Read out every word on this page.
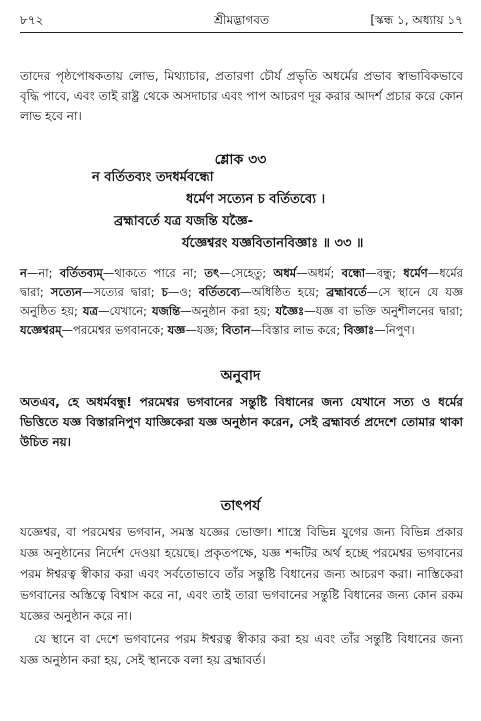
৮৭২	শ্রীমদ্ভাগবত	[স্কন্ধ ১, অধ্যায় ১৭
তাদের পৃষ্ঠপোষকতায় লোভ, মিথ্যাচার, প্রতারণা চৌর্য প্রভৃতি অধর্মের প্রভাব স্বাভাবিকভাবে বৃদ্ধি পাবে, এবং তাই রাষ্ট্র থেকে অসদাচার এবং পাপ আচরণ দূর করার আদর্শ প্রচার করে কোন লাভ হবে না।
শ্লোক ৩৩
ন বর্তিতব্যং তদধর্মবন্ধো
ধর্মেণ সত্যেন চ বর্তিতব্যে ।
ব্রহ্মাবর্তে যত্র যজন্তি যজ্ঞৈ-
র্যজ্ঞেশ্বরং যজ্ঞবিতানবিজ্ঞাঃ ॥ ৩৩ ॥
ন—না; বর্তিতব্যম্—থাকতে পারে না; তৎ—সেহেতু; অধর্ম—অধর্ম; বন্ধো—বন্ধু; ধর্মেণ—ধর্মের দ্বারা; সত্যেন—সত্যের দ্বারা; চ—ও; বর্তিতব্যে—অধিষ্ঠিত হয়ে; ব্রহ্মাবর্তে—সে স্থানে যে যজ্ঞ অনুষ্ঠিত হয়; যত্র—যেখানে; যজন্তি—অনুষ্ঠান করা হয়; যজ্ঞৈঃ—যজ্ঞ বা ভক্তি অনুশীলনের দ্বারা; যজ্ঞেশ্বরম্—পরমেশ্বর ভগবানকে; যজ্ঞ—যজ্ঞ; বিতান—বিস্তার লাভ করে; বিজ্ঞাঃ—নিপুণ।
অনুবাদ
অতএব, হে অধর্মবন্ধু! পরমেশ্বর ভগবানের সন্তুষ্টি বিধানের জন্য যেখানে সত্য ও ধর্মের ভিত্তিতে যজ্ঞ বিস্তারনিপুণ যাজ্ঞিকেরা যজ্ঞ অনুষ্ঠান করেন, সেই ব্রহ্মাবর্ত প্রদেশে তোমার থাকা উচিত নয়।
তাৎপর্য
যজ্ঞেশ্বর, বা পরমেশ্বর ভগবান, সমস্ত যজ্ঞের ভোক্তা। শাস্ত্রে বিভিন্ন যুগের জন্য বিভিন্ন প্রকার যজ্ঞ অনুষ্ঠানের নির্দেশ দেওয়া হয়েছে। প্রকৃতপক্ষে, যজ্ঞ শব্দটির অর্থ হচ্ছে পরমেশ্বর ভগবানের পরম ঈশ্বরত্ব স্বীকার করা এবং সর্বতোভাবে তাঁর সন্তুষ্টি বিধানের জন্য আচরণ করা। নাস্তিকেরা ভগবানের অস্তিত্বে বিশ্বাস করে না, এবং তাই তারা ভগবানের সন্তুষ্টি বিধানের জন্য কোন রকম যজ্ঞের অনুষ্ঠান করে না।
যে স্থানে বা দেশে ভগবানের পরম ঈশ্বরত্ব স্বীকার করা হয় এবং তাঁর সন্তুষ্টি বিধানের জন্য যজ্ঞ অনুষ্ঠান করা হয়, সেই স্থানকে বলা হয় ব্রহ্মাবর্ত।
